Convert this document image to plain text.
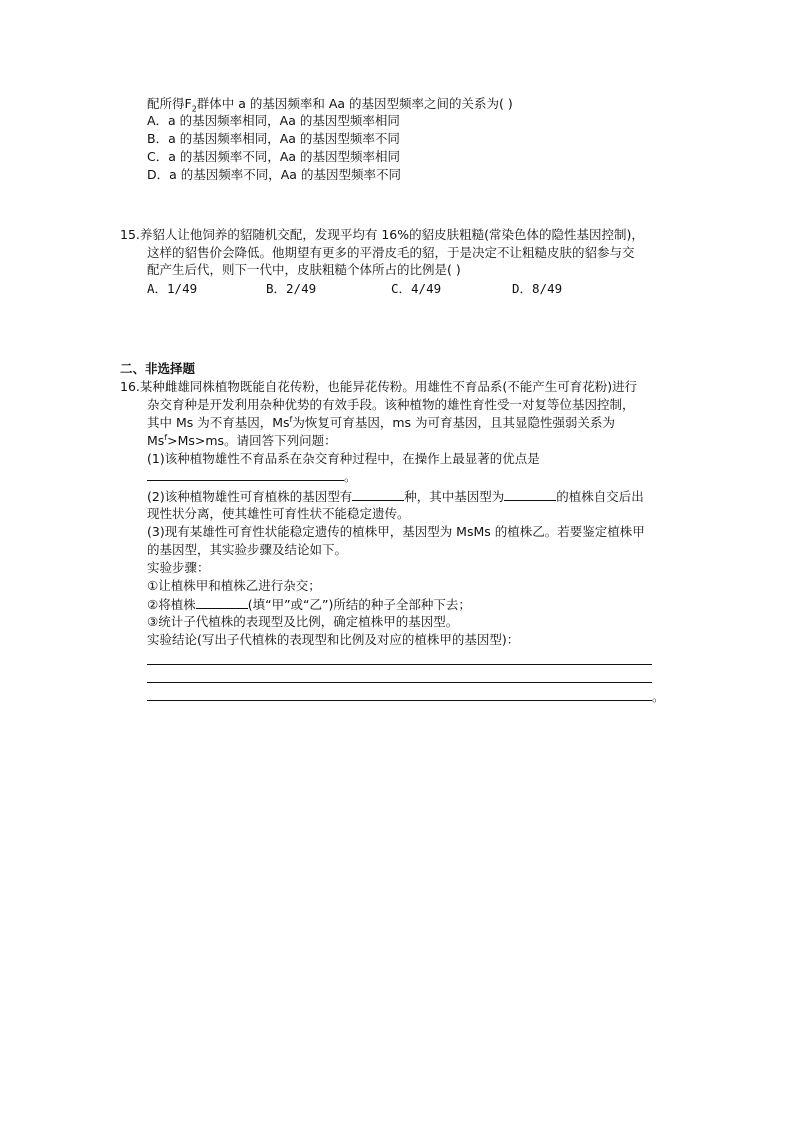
配所得$F_2$群体中 a 的基因频率和 Aa 的基因型频率之间的关系为( )
A．a 的基因频率相同，Aa 的基因型频率相同
B．a 的基因频率相同，Aa 的基因型频率不同
C．a 的基因频率不同，Aa 的基因型频率相同
D．a 的基因频率不同，Aa 的基因型频率不同
15.养貂人让他饲养的貂随机交配，发现平均有 16%的貂皮肤粗糙(常染色体的隐性基因控制)，
这样的貂售价会降低。他期望有更多的平滑皮毛的貂，于是决定不让粗糙皮肤的貂参与交
配产生后代，则下一代中，皮肤粗糙个体所占的比例是( )
A．1/49	B．2/49	C．4/49	D．8/49
二、非选择题
16.某种雌雄同株植物既能自花传粉，也能异花传粉。用雄性不育品系(不能产生可育花粉)进行
杂交育种是开发利用杂种优势的有效手段。该种植物的雄性育性受一对复等位基因控制，
其中 Ms 为不育基因，Ms$^f$为恢复可育基因，ms 为可育基因，且其显隐性强弱关系为
$Ms^f>Ms>ms$。请回答下列问题：
(1)该种植物雄性不育品系在杂交育种过程中，在操作上最显著的优点是
。
(2)该种植物雄性可育植株的基因型有	种，其中基因型为	的植株自交后出
现性状分离，使其雄性可育性状不能稳定遗传。
(3)现有某雄性可育性状能稳定遗传的植株甲，基因型为 MsMs 的植株乙。若要鉴定植株甲
的基因型，其实验步骤及结论如下。
实验步骤：
①让植株甲和植株乙进行杂交；
②将植株	(填“甲”或“乙”)所结的种子全部种下去；
③统计子代植株的表现型及比例，确定植株甲的基因型。
实验结论(写出子代植株的表现型和比例及对应的植株甲的基因型)：
。
